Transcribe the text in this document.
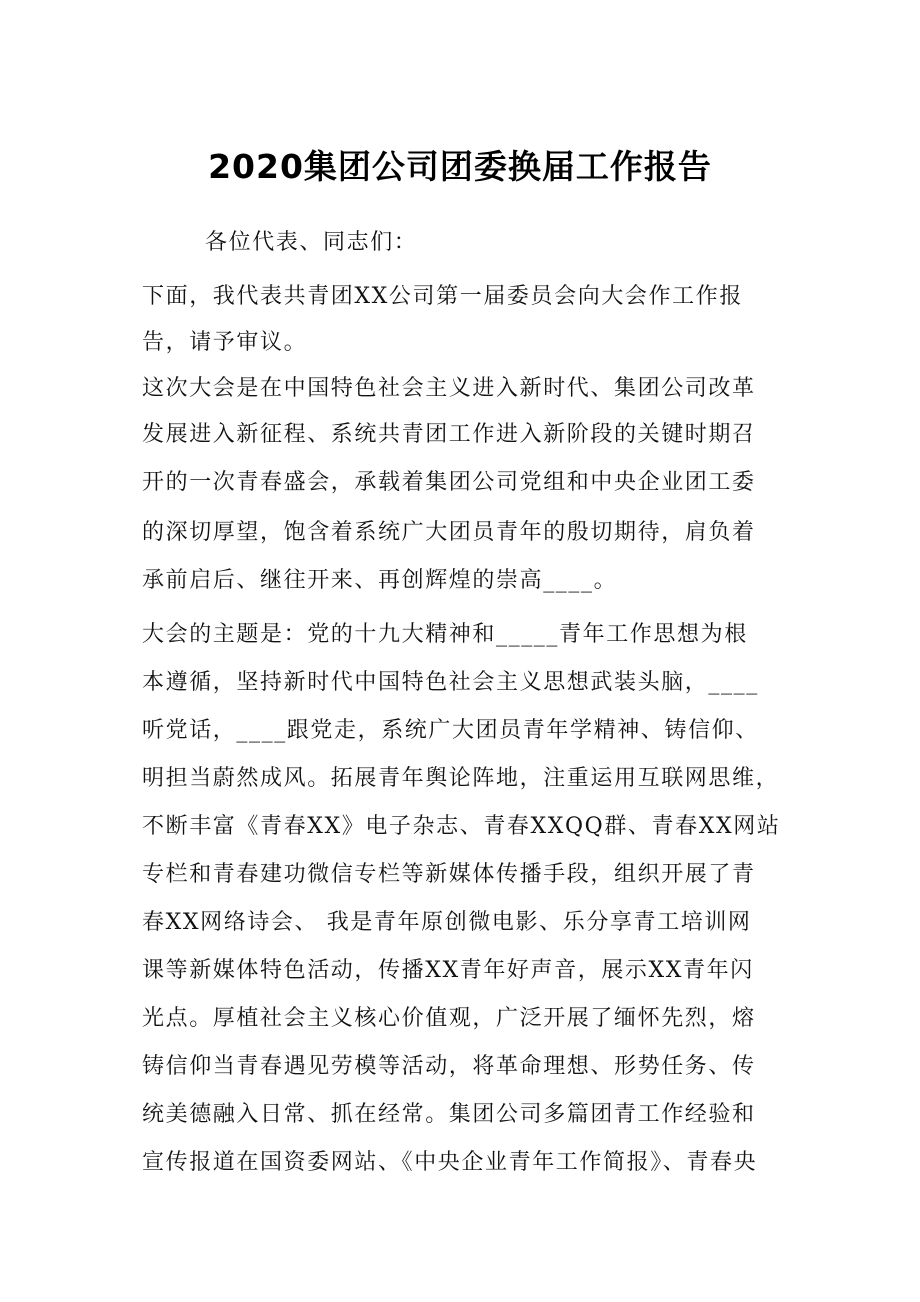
2020集团公司团委换届工作报告
各位代表、同志们：
下面，我代表共青团XX公司第一届委员会向大会作工作报
告，请予审议。
这次大会是在中国特色社会主义进入新时代、集团公司改革
发展进入新征程、系统共青团工作进入新阶段的关键时期召
开的一次青春盛会，承载着集团公司党组和中央企业团工委
的深切厚望，饱含着系统广大团员青年的殷切期待，肩负着
承前启后、继往开来、再创辉煌的崇高____。
大会的主题是：党的十九大精神和_____青年工作思想为根
本遵循，坚持新时代中国特色社会主义思想武装头脑，____
听党话，____跟党走，系统广大团员青年学精神、铸信仰、
明担当蔚然成风。拓展青年舆论阵地，注重运用互联网思维，
不断丰富《青春XX》电子杂志、青春XXQQ群、青春XX网站
专栏和青春建功微信专栏等新媒体传播手段，组织开展了青
春XX网络诗会、 我是青年原创微电影、乐分享青工培训网
课等新媒体特色活动，传播XX青年好声音，展示XX青年闪
光点。厚植社会主义核心价值观，广泛开展了缅怀先烈，熔
铸信仰当青春遇见劳模等活动，将革命理想、形势任务、传
统美德融入日常、抓在经常。集团公司多篇团青工作经验和
宣传报道在国资委网站、《中央企业青年工作简报》、青春央
